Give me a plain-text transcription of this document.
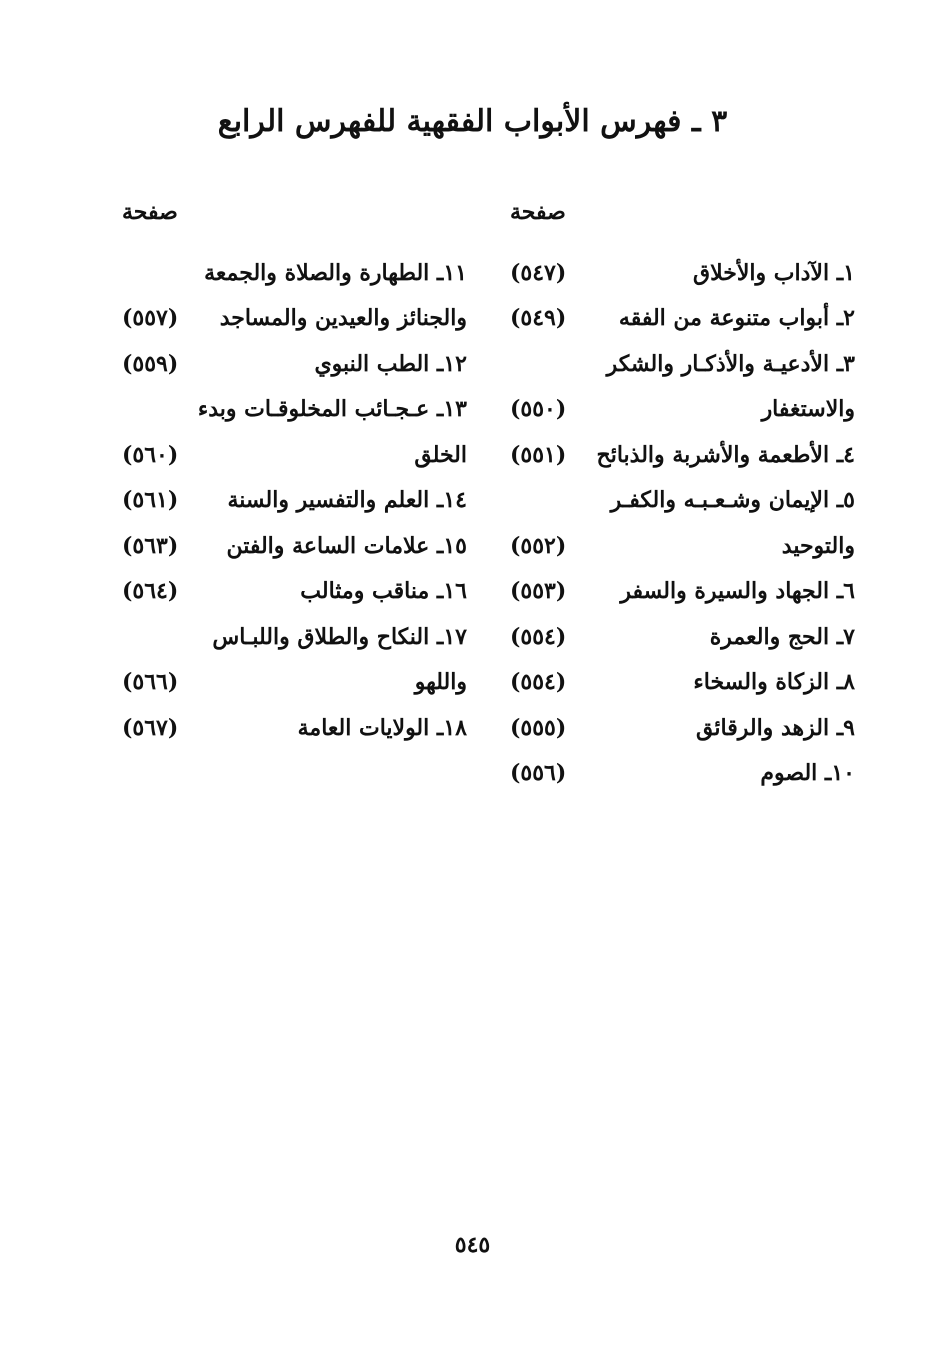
٣ ـ فهرس الأبواب الفقهية للفهرس الرابع
صفحة
١ـ الآداب والأخلاق
(٥٤٧)
٢ـ أبواب متنوعة من الفقه
(٥٤٩)
٣ـ الأدعيـة والأذكـار والشكر
والاستغفار
(٥٥٠)
٤ـ الأطعمة والأشربة والذبائح
(٥٥١)
٥ـ الإيمان وشـعـبـه والكفـر
والتوحيد
(٥٥٢)
٦ـ الجهاد والسيرة والسفر
(٥٥٣)
٧ـ الحج والعمرة
(٥٥٤)
٨ـ الزكاة والسخاء
(٥٥٤)
٩ـ الزهد والرقائق
(٥٥٥)
١٠ـ الصوم
(٥٥٦)
صفحة
١١ـ الطهارة والصلاة والجمعة
والجنائز والعيدين والمساجد
(٥٥٧)
١٢ـ الطب النبوي
(٥٥٩)
١٣ـ عـجـائب المخلوقـات وبدء
الخلق
(٥٦٠)
١٤ـ العلم والتفسير والسنة
(٥٦١)
١٥ـ علامات الساعة والفتن
(٥٦٣)
١٦ـ مناقب ومثالب
(٥٦٤)
١٧ـ النكاح والطلاق واللبـاس
واللهو
(٥٦٦)
١٨ـ الولايات العامة
(٥٦٧)
٥٤٥
